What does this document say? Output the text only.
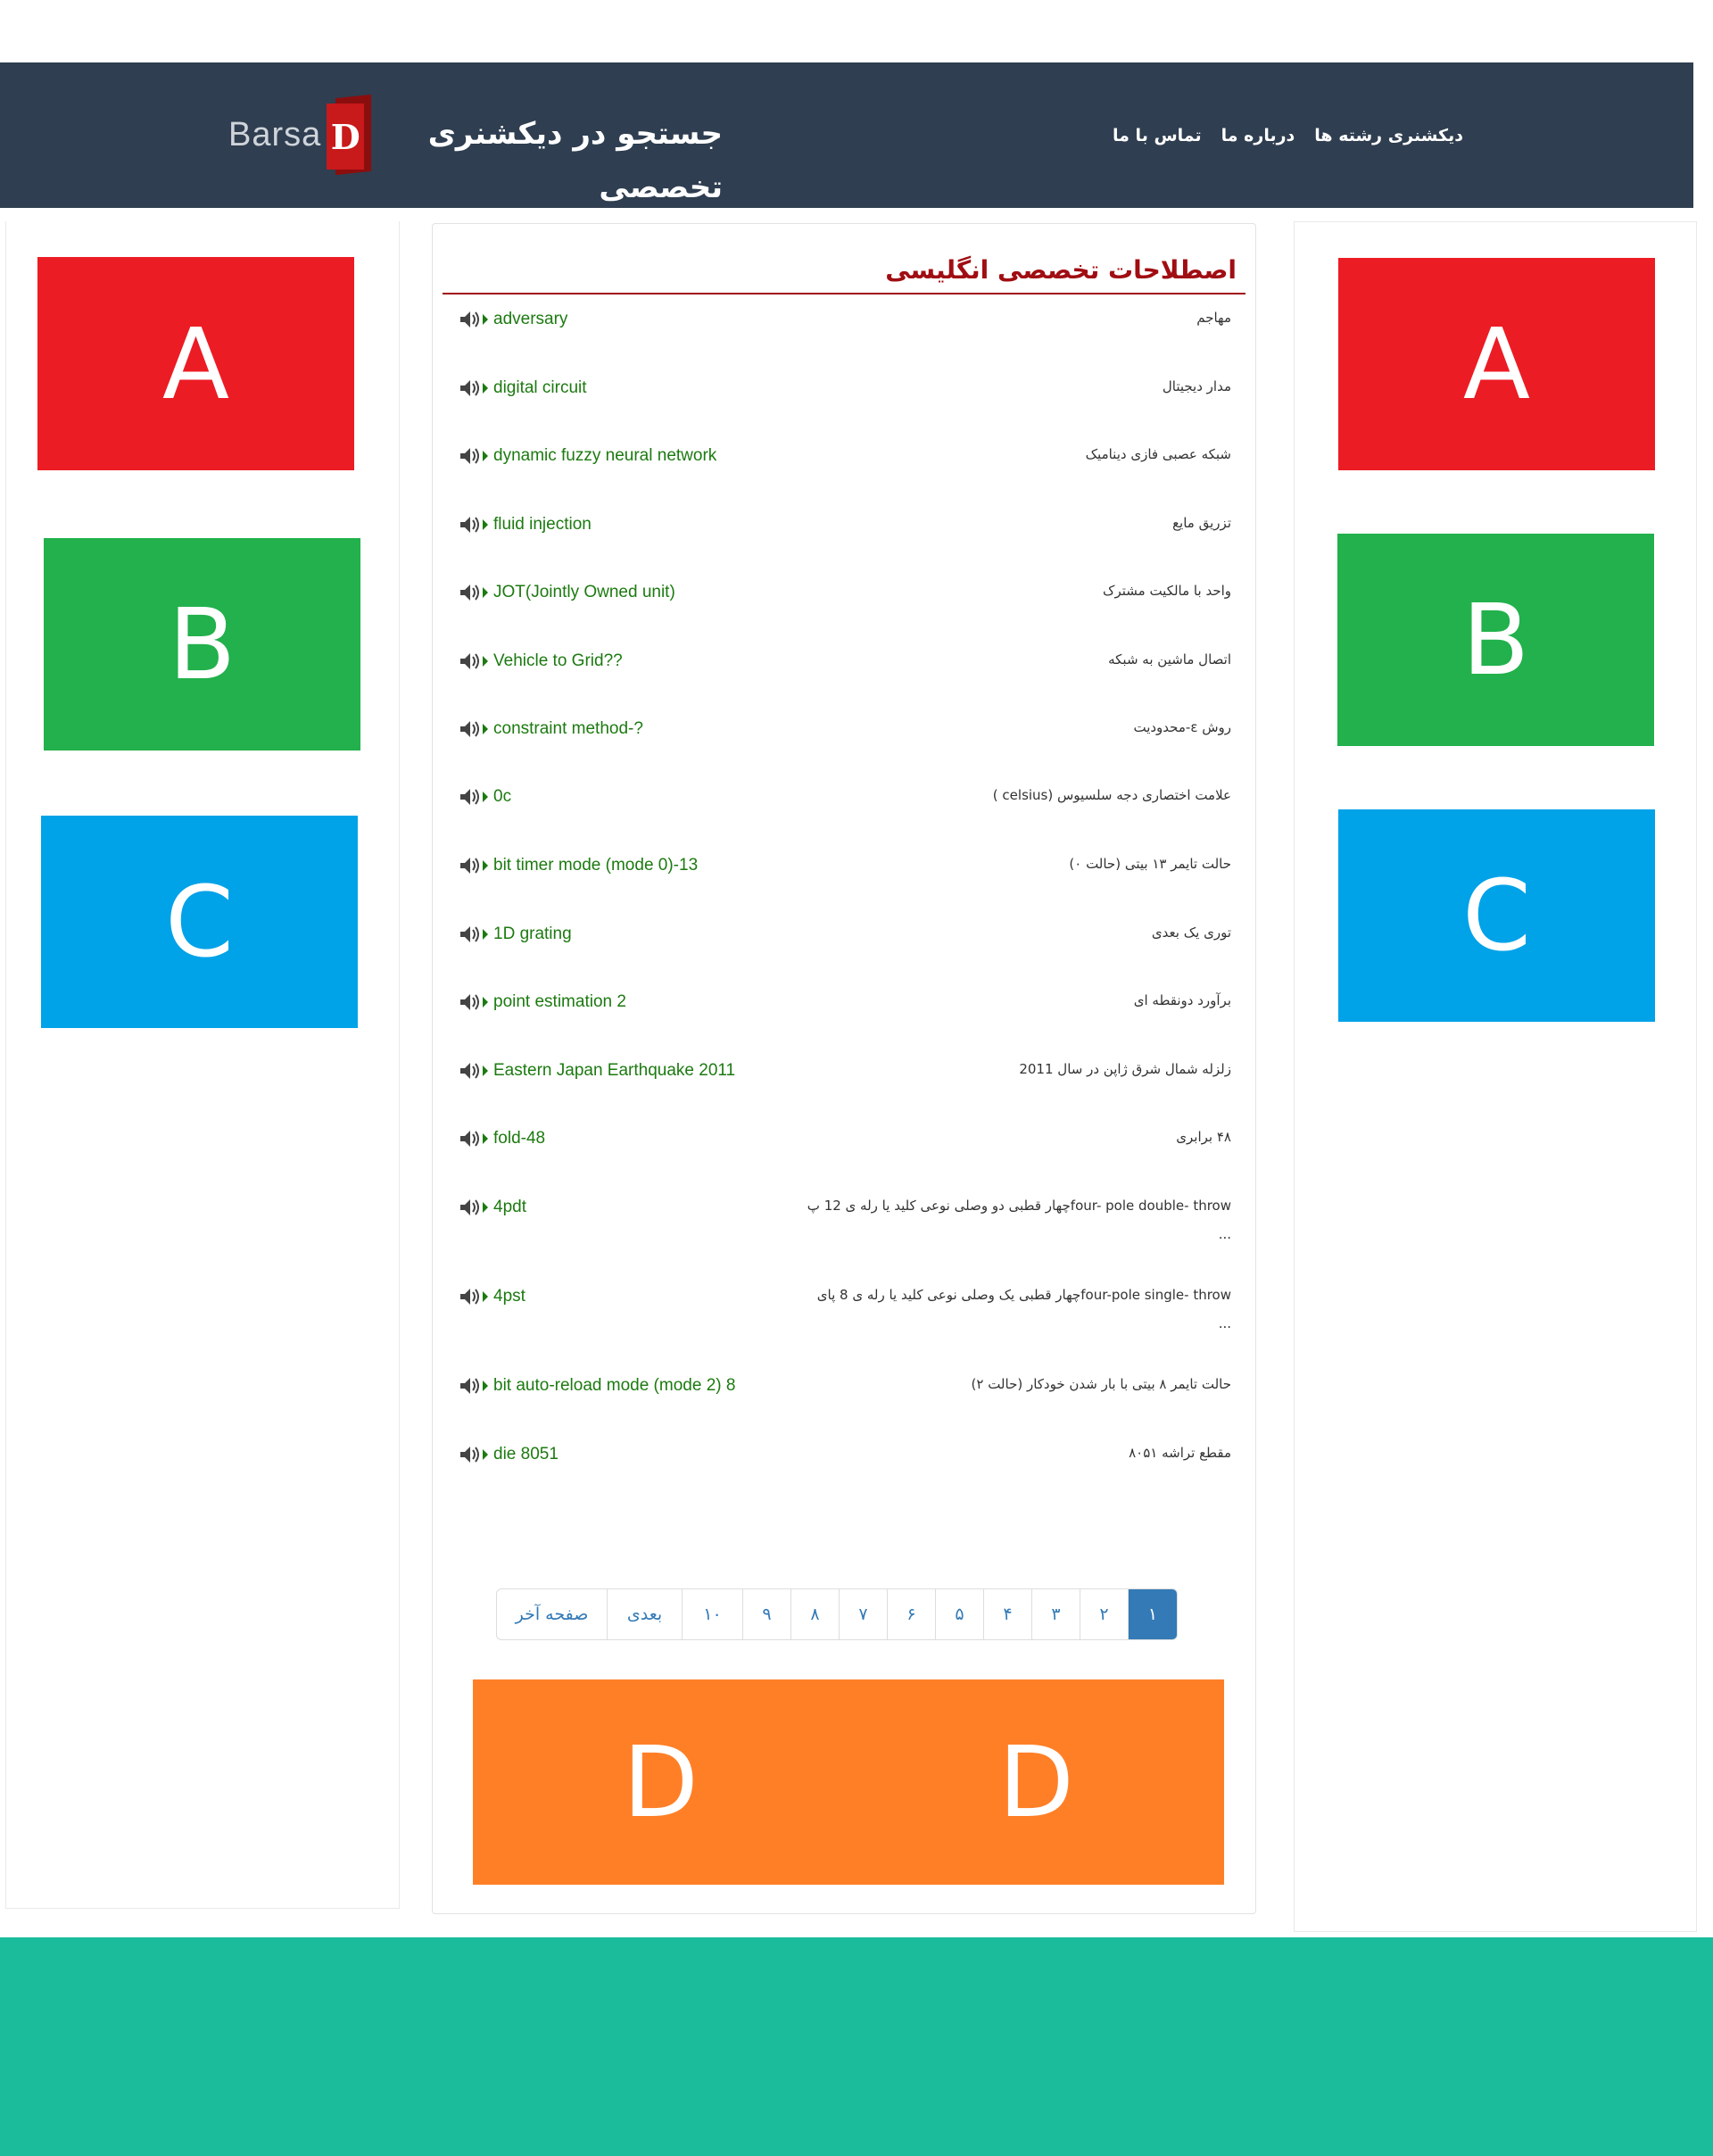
Barsa D	جستجو در دیکشنری تخصصی
دیکشنری رشته ها
درباره ما
تماس با ما
A
B
C
A
B
C
اصطلاحات تخصصی انگلیسی
adversary	مهاجم
digital circuit	مدار دیجیتال
dynamic fuzzy neural network	شبکه عصبی فازی دینامیک
fluid injection	تزریق مایع
JOT(Jointly Owned unit)	واحد با مالکیت مشترک
Vehicle to Grid??	اتصال ماشین به شبکه
constraint method-?	روش ε-محدودیت
0c	علامت اختصاری دجه سلسیوس (celsius )
bit timer mode (mode 0)-13	حالت تایمر ۱۳ بیتی (حالت ۰)
1D grating	توری یک بعدی
point estimation 2	برآورد دونقطه ای
Eastern Japan Earthquake 2011	زلزله شمال شرق ژاپن در سال 2011
fold-48	۴۸ برابری
4pdt	four- pole double- throwچهار قطبی دو وصلی نوعی کلید یا رله ی 12 پ ...
4pst	four-pole single- throwچهار قطبی یک وصلی نوعی کلید یا رله ی 8 پای ...
bit auto-reload mode (mode 2) 8	حالت تایمر ۸ بیتی با بار شدن خودکار (حالت ۲)
die 8051	مقطع تراشه ۸۰۵۱
صفحه آخر	بعدی	۱۰	۹	۸	۷	۶	۵	۴	۳	۲	۱
D	D
